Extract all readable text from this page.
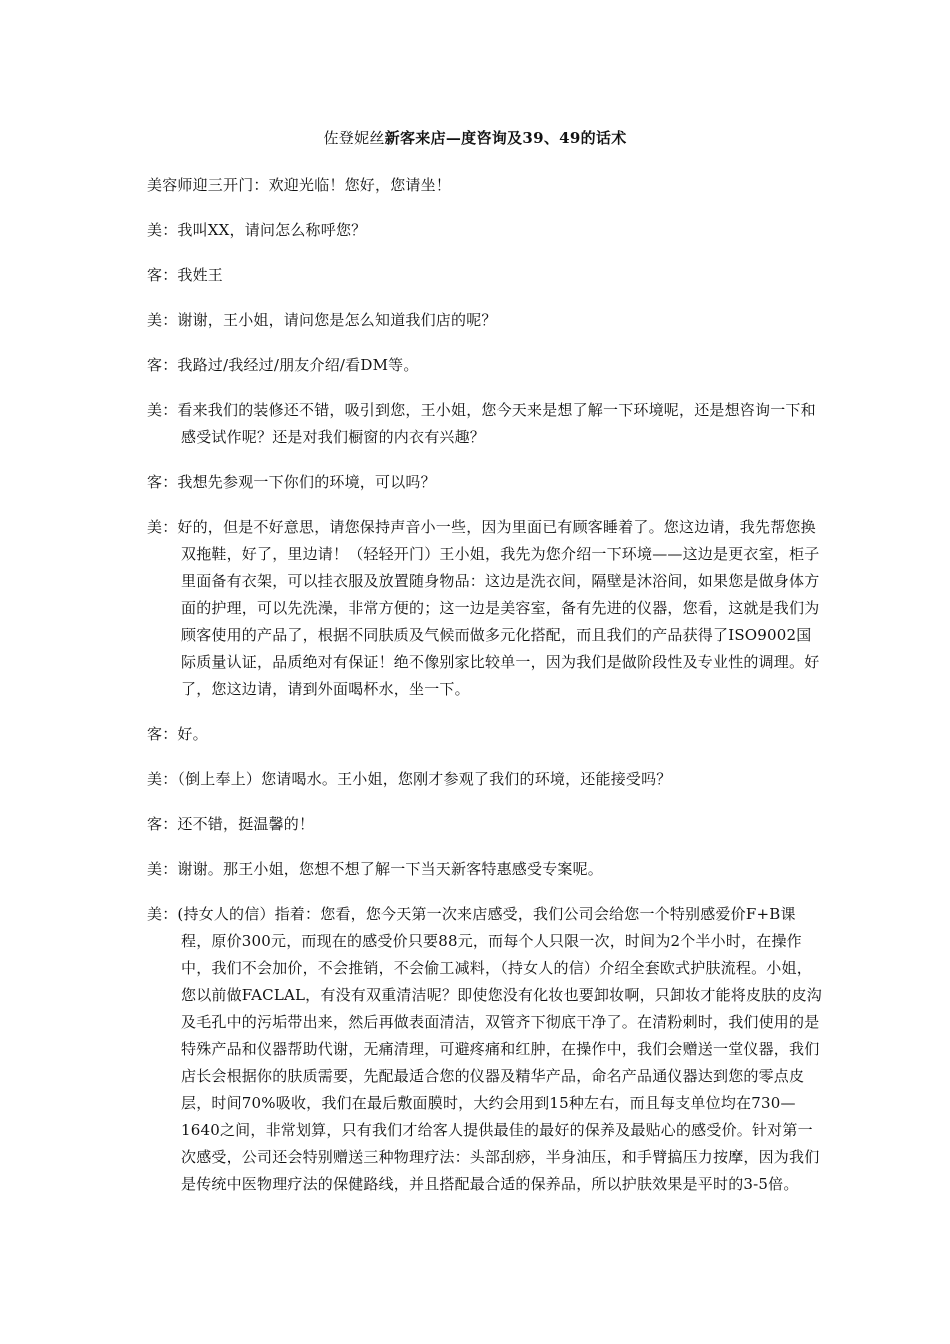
佐登妮丝新客来店—度咨询及39、49的话术

美容师迎三开门：欢迎光临！您好，您请坐！

美：我叫XX，请问怎么称呼您？

客：我姓王

美：谢谢，王小姐，请问您是怎么知道我们店的呢？

客：我路过/我经过/朋友介绍/看DM等。

美：看来我们的装修还不错，吸引到您，王小姐，您今天来是想了解一下环境呢，还是想咨询一下和感受试作呢？还是对我们橱窗的内衣有兴趣？

客：我想先参观一下你们的环境，可以吗？

美：好的，但是不好意思，请您保持声音小一些，因为里面已有顾客睡着了。您这边请，我先帮您换双拖鞋，好了，里边请！（轻轻开门）王小姐，我先为您介绍一下环境——这边是更衣室，柜子里面备有衣架，可以挂衣服及放置随身物品：这边是洗衣间，隔壁是沐浴间，如果您是做身体方面的护理，可以先洗澡，非常方便的；这一边是美容室，备有先进的仪器，您看，这就是我们为顾客使用的产品了，根据不同肤质及气候而做多元化搭配，而且我们的产品获得了ISO9002国际质量认证，品质绝对有保证！绝不像别家比较单一，因为我们是做阶段性及专业性的调理。好了，您这边请，请到外面喝杯水，坐一下。

客：好。

美：（倒上奉上）您请喝水。王小姐，您刚才参观了我们的环境，还能接受吗？

客：还不错，挺温馨的！

美：谢谢。那王小姐，您想不想了解一下当天新客特惠感受专案呢。

美：(持女人的信）指着：您看，您今天第一次来店感受，我们公司会给您一个特别感爱价F+B课程，原价300元，而现在的感受价只要88元，而每个人只限一次，时间为2个半小时，在操作中，我们不会加价，不会推销，不会偷工减料，（持女人的信）介绍全套欧式护肤流程。小姐，您以前做FACLAL，有没有双重清洁呢？即使您没有化妆也要卸妆啊，只卸妆才能将皮肤的皮沟及毛孔中的污垢带出来，然后再做表面清洁，双管齐下彻底干净了。在清粉刺时，我们使用的是特殊产品和仪器帮助代谢，无痛清理，可避疼痛和红肿，在操作中，我们会赠送一堂仪器，我们店长会根据你的肤质需要，先配最适合您的仪器及精华产品，命名产品通仪器达到您的零点皮层，时间70%吸收，我们在最后敷面膜时，大约会用到15种左右，而且每支单位均在730—1640之间，非常划算，只有我们才给客人提供最佳的最好的保养及最贴心的感受价。针对第一次感受，公司还会特别赠送三种物理疗法：头部刮痧，半身油压，和手臂搞压力按摩，因为我们是传统中医物理疗法的保健路线，并且搭配最合适的保养品，所以护肤效果是平时的3-5倍。
